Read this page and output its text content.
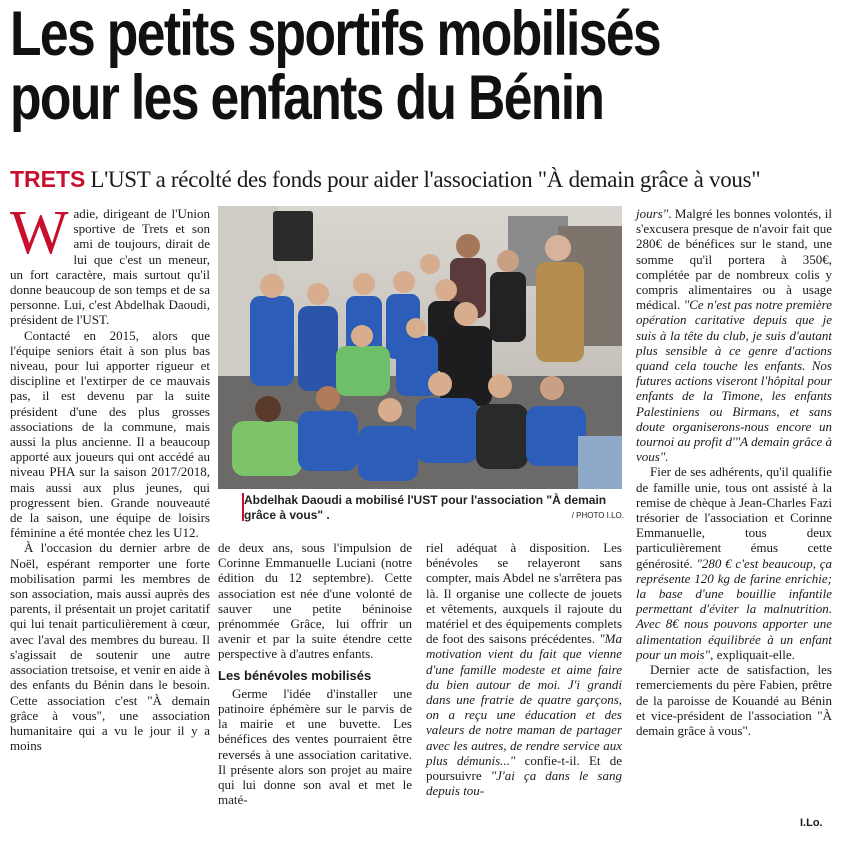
Les petits sportifs mobilisés
pour les enfants du Bénin
TRETS L'UST a récolté des fonds pour aider l'association "À demain grâce à vous"

Wadie, dirigeant de l'Union sportive de Trets et son ami de toujours, dirait de lui que c'est un meneur, un fort caractère, mais surtout qu'il donne beaucoup de son temps et de sa personne. Lui, c'est Abdelhak Daoudi, président de l'UST.

Contacté en 2015, alors que l'équipe seniors était à son plus bas niveau, pour lui apporter rigueur et discipline et l'extirper de ce mauvais pas, il est devenu par la suite président d'une des plus grosses associations de la commune, mais aussi la plus ancienne. Il a beaucoup apporté aux joueurs qui ont accédé au niveau PHA sur la saison 2017/2018, mais aussi aux plus jeunes, qui progressent bien. Grande nouveauté de la saison, une équipe de loisirs féminine a été montée chez les U12.

À l'occasion du dernier arbre de Noël, espérant remporter une forte mobilisation parmi les membres de son association, mais aussi auprès des parents, il présentait un projet caritatif qui lui tenait particulièrement à cœur, avec l'aval des membres du bureau. Il s'agissait de soutenir une autre association tretsoise, et venir en aide à des enfants du Bénin dans le besoin. Cette association c'est "À demain grâce à vous", une association humanitaire qui a vu le jour il y a moins

Abdelhak Daoudi a mobilisé l'UST pour l'association "À demain grâce à vous" .	/ PHOTO I.LO.

de deux ans, sous l'impulsion de Corinne Emmanuelle Luciani (notre édition du 12 septembre). Cette association est née d'une volonté de sauver une petite béninoise prénommée Grâce, lui offrir un avenir et par la suite étendre cette perspective à d'autres enfants.

Les bénévoles mobilisés

Germe l'idée d'installer une patinoire éphémère sur le parvis de la mairie et une buvette. Les bénéfices des ventes pourraient être reversés à une association caritative. Il présente alors son projet au maire qui lui donne son aval et met le maté-

riel adéquat à disposition. Les bénévoles se relayeront sans compter, mais Abdel ne s'arrêtera pas là. Il organise une collecte de jouets et vêtements, auxquels il rajoute du matériel et des équipements complets de foot des saisons précédentes. "Ma motivation vient du fait que vienne d'une famille modeste et aime faire du bien autour de moi. J'i grandi dans une fratrie de quatre garçons, on a reçu une éducation et des valeurs de notre maman de partager avec les autres, de rendre service aux plus démunis..." confie-t-il. Et de poursuivre "J'ai ça dans le sang depuis tou-

jours". Malgré les bonnes volontés, il s'excusera presque de n'avoir fait que 280€ de bénéfices sur le stand, une somme qu'il portera à 350€, complétée par de nombreux colis y compris alimentaires ou à usage médical. "Ce n'est pas notre première opération caritative depuis que je suis à la tête du club, je suis d'autant plus sensible à ce genre d'actions quand cela touche les enfants. Nos futures actions viseront l'hôpital pour enfants de la Timone, les enfants Palestiniens ou Birmans, et sans doute organiserons-nous encore un tournoi au profit d'"A demain grâce à vous".

Fier de ses adhérents, qu'il qualifie de famille unie, tous ont assisté à la remise de chèque à Jean-Charles Fazi trésorier de l'association et Corinne Emmanuelle, tous deux particulièrement émus cette générosité. "280 € c'est beaucoup, ça représente 120 kg de farine enrichie; la base d'une bouillie infantile permettant d'éviter la malnutrition. Avec 8€ nous pouvons apporter une alimentation équilibrée à un enfant pour un mois", expliquait-elle.

Dernier acte de satisfaction, les remerciements du père Fabien, prêtre de la paroisse de Kouandé au Bénin et vice-président de l'association "À demain grâce à vous".

I.Lo.
